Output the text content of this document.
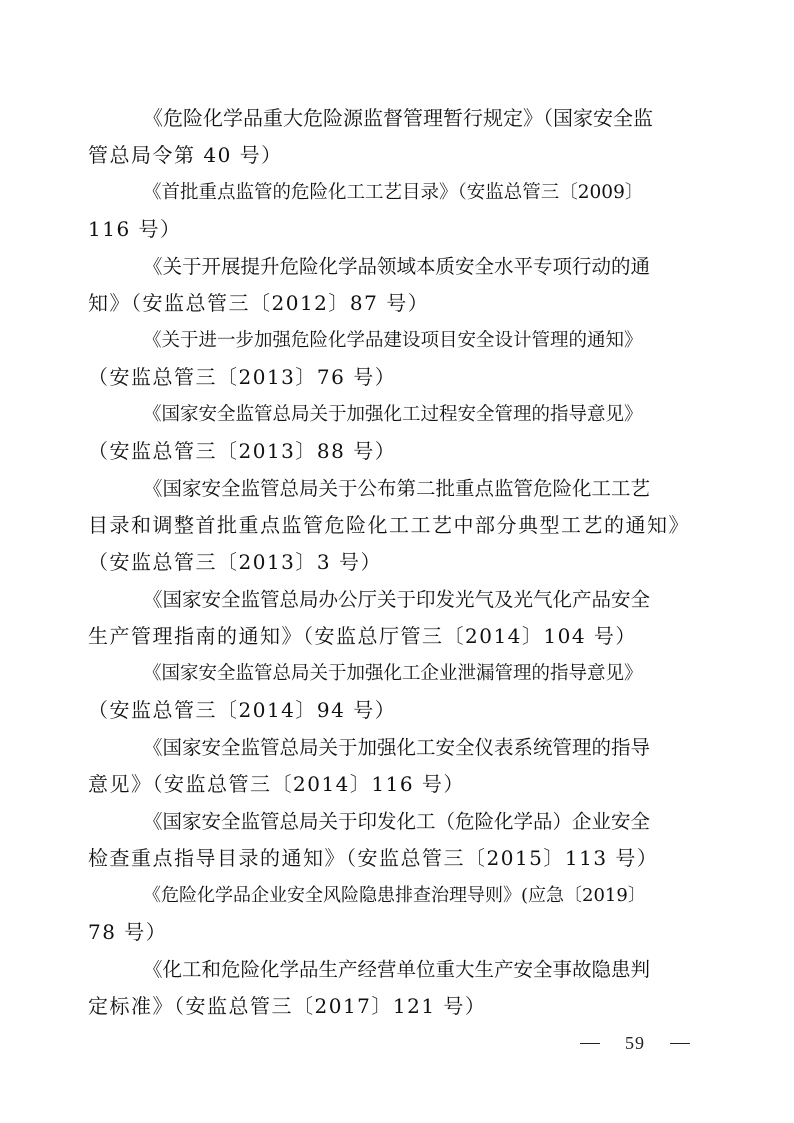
《危险化学品重大危险源监督管理暂行规定》（国家安全监
管总局令第 40 号）
《首批重点监管的危险化工工艺目录》（安监总管三〔2009〕
116 号）
《关于开展提升危险化学品领域本质安全水平专项行动的通
知》（安监总管三〔2012〕87 号）
《关于进一步加强危险化学品建设项目安全设计管理的通知》
（安监总管三〔2013〕76 号）
《国家安全监管总局关于加强化工过程安全管理的指导意见》
（安监总管三〔2013〕88 号）
《国家安全监管总局关于公布第二批重点监管危险化工工艺
目录和调整首批重点监管危险化工工艺中部分典型工艺的通知》
（安监总管三〔2013〕3 号）
《国家安全监管总局办公厅关于印发光气及光气化产品安全
生产管理指南的通知》（安监总厅管三〔2014〕104 号）
《国家安全监管总局关于加强化工企业泄漏管理的指导意见》
（安监总管三〔2014〕94 号）
《国家安全监管总局关于加强化工安全仪表系统管理的指导
意见》（安监总管三〔2014〕116 号）
《国家安全监管总局关于印发化工（危险化学品）企业安全
检查重点指导目录的通知》（安监总管三〔2015〕113 号）
《危险化学品企业安全风险隐患排查治理导则》(应急〔2019〕
78 号）
《化工和危险化学品生产经营单位重大生产安全事故隐患判
定标准》（安监总管三〔2017〕121 号）
59
